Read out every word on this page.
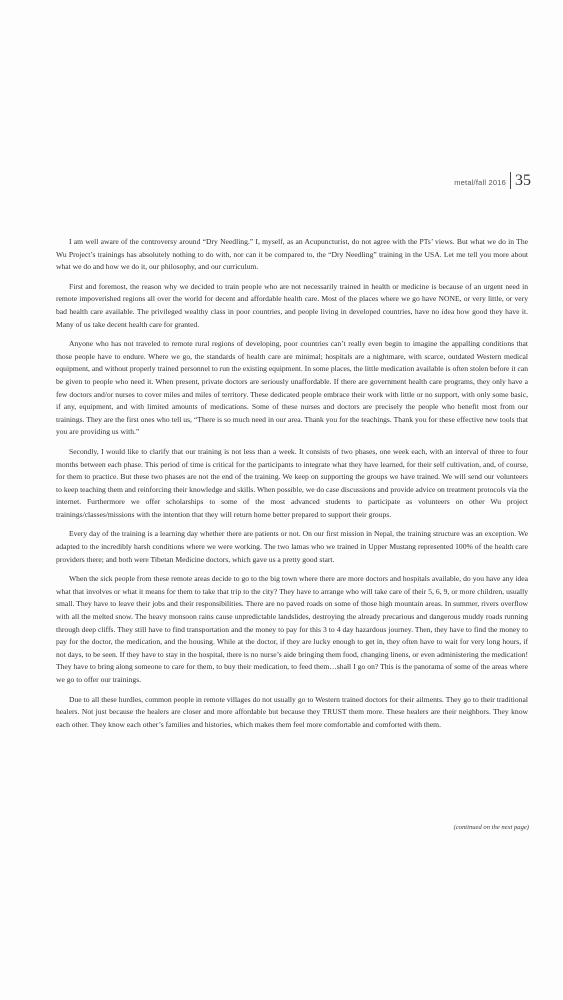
metal/fall 2016 35

I am well aware of the controversy around “Dry Needling.” I, myself, as an Acupuncturist, do not agree with the PTs’ views. But what we do in The Wu Project’s trainings has absolutely nothing to do with, nor can it be compared to, the “Dry Needling” training in the USA. Let me tell you more about what we do and how we do it, our philosophy, and our curriculum.

First and foremost, the reason why we decided to train people who are not necessarily trained in health or medicine is because of an urgent need in remote impoverished regions all over the world for decent and affordable health care. Most of the places where we go have NONE, or very little, or very bad health care available. The privileged wealthy class in poor countries, and people living in developed countries, have no idea how good they have it. Many of us take decent health care for granted.

Anyone who has not traveled to remote rural regions of developing, poor countries can’t really even begin to imagine the appalling conditions that those people have to endure. Where we go, the standards of health care are minimal; hospitals are a nightmare, with scarce, outdated Western medical equipment, and without properly trained personnel to run the existing equipment. In some places, the little medication available is often stolen before it can be given to people who need it. When present, private doctors are seriously unaffordable. If there are government health care programs, they only have a few doctors and/or nurses to cover miles and miles of territory. These dedicated people embrace their work with little or no support, with only some basic, if any, equipment, and with limited amounts of medications. Some of these nurses and doctors are precisely the people who benefit most from our trainings. They are the first ones who tell us, “There is so much need in our area. Thank you for the teachings. Thank you for these effective new tools that you are providing us with.”

Secondly, I would like to clarify that our training is not less than a week. It consists of two phases, one week each, with an interval of three to four months between each phase. This period of time is critical for the participants to integrate what they have learned, for their self cultivation, and, of course, for them to practice. But these two phases are not the end of the training. We keep on supporting the groups we have trained. We will send our volunteers to keep teaching them and reinforcing their knowledge and skills. When possible, we do case discussions and provide advice on treatment protocols via the internet. Furthermore we offer scholarships to some of the most advanced students to participate as volunteers on other Wu project trainings/classes/missions with the intention that they will return home better prepared to support their groups.

Every day of the training is a learning day whether there are patients or not. On our first mission in Nepal, the training structure was an exception. We adapted to the incredibly harsh conditions where we were working. The two lamas who we trained in Upper Mustang represented 100% of the health care providers there; and both were Tibetan Medicine doctors, which gave us a pretty good start.

When the sick people from these remote areas decide to go to the big town where there are more doctors and hospitals available, do you have any idea what that involves or what it means for them to take that trip to the city? They have to arrange who will take care of their 5, 6, 9, or more children, usually small. They have to leave their jobs and their responsibilities. There are no paved roads on some of those high mountain areas. In summer, rivers overflow with all the melted snow. The heavy monsoon rains cause unpredictable landslides, destroying the already precarious and dangerous muddy roads running through deep cliffs. They still have to find transportation and the money to pay for this 3 to 4 day hazardous journey. Then, they have to find the money to pay for the doctor, the medication, and the housing. While at the doctor, if they are lucky enough to get in, they often have to wait for very long hours, if not days, to be seen. If they have to stay in the hospital, there is no nurse’s aide bringing them food, changing linens, or even administering the medication! They have to bring along someone to care for them, to buy their medication, to feed them…shall I go on? This is the panorama of some of the areas where we go to offer our trainings.

Due to all these hurdles, common people in remote villages do not usually go to Western trained doctors for their ailments. They go to their traditional healers. Not just because the healers are closer and more affordable but because they TRUST them more. These healers are their neighbors. They know each other. They know each other’s families and histories, which makes them feel more comfortable and comforted with them.

(continued on the next page)
